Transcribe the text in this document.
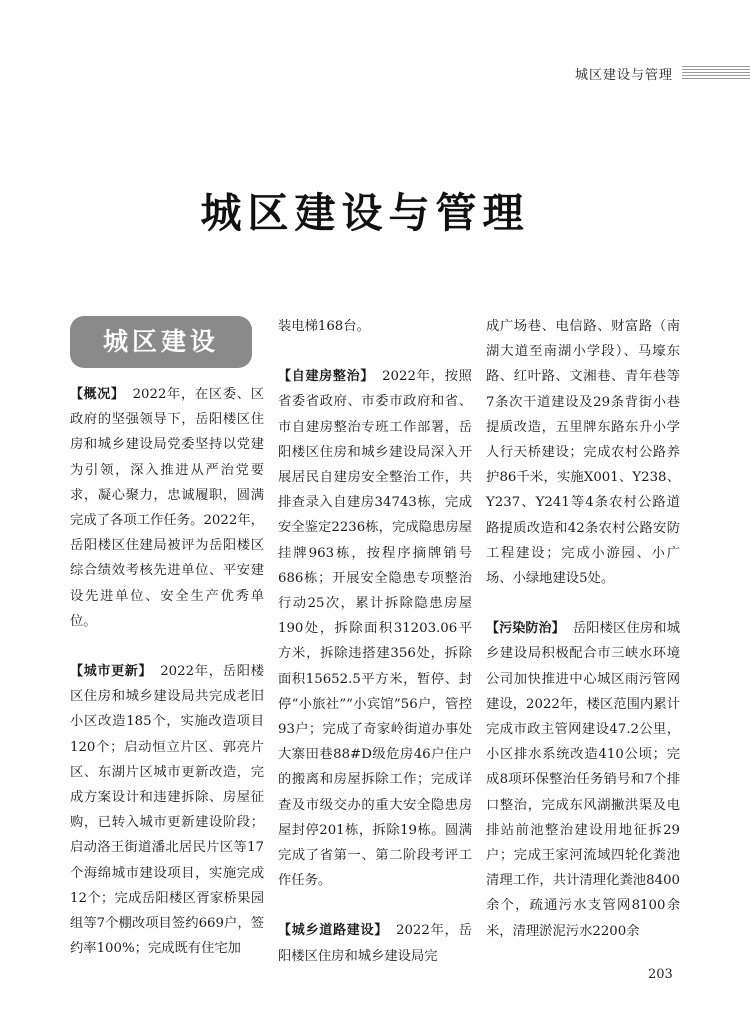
城区建设与管理
城区建设与管理
城区建设

【概况】 2022年，在区委、区政府的坚强领导下，岳阳楼区住房和城乡建设局党委坚持以党建为引领，深入推进从严治党要求，凝心聚力，忠诚履职，圆满完成了各项工作任务。2022年，岳阳楼区住建局被评为岳阳楼区综合绩效考核先进单位、平安建设先进单位、安全生产优秀单位。

【城市更新】 2022年，岳阳楼区住房和城乡建设局共完成老旧小区改造185个，实施改造项目120个；启动恒立片区、郭亮片区、东湖片区城市更新改造，完成方案设计和违建拆除、房屋征购，已转入城市更新建设阶段；启动洛王街道潘北居民片区等17个海绵城市建设项目，实施完成12个；完成岳阳楼区胥家桥果园组等7个棚改项目签约669户，签约率100%；完成既有住宅加

装电梯168台。

【自建房整治】 2022年，按照省委省政府、市委市政府和省、市自建房整治专班工作部署，岳阳楼区住房和城乡建设局深入开展居民自建房安全整治工作，共排查录入自建房34743栋，完成安全鉴定2236栋，完成隐患房屋挂牌963栋，按程序摘牌销号686栋；开展安全隐患专项整治行动25次，累计拆除隐患房屋190处，拆除面积31203.06平方米，拆除违搭建356处，拆除面积15652.5平方米，暂停、封停“小旅社”“小宾馆”56户，管控93户；完成了奇家岭街道办事处大寨田巷88#D级危房46户住户的搬离和房屋拆除工作；完成详查及市级交办的重大安全隐患房屋封停201栋，拆除19栋。圆满完成了省第一、第二阶段考评工作任务。

【城乡道路建设】 2022年，岳阳楼区住房和城乡建设局完

成广场巷、电信路、财富路（南湖大道至南湖小学段）、马壕东路、红叶路、文湘巷、青年巷等7条次干道建设及29条背街小巷提质改造，五里牌东路东升小学人行天桥建设；完成农村公路养护86千米，实施X001、Y238、Y237、Y241等4条农村公路道路提质改造和42条农村公路安防工程建设；完成小游园、小广场、小绿地建设5处。

【污染防治】 岳阳楼区住房和城乡建设局积极配合市三峡水环境公司加快推进中心城区雨污管网建设，2022年，楼区范围内累计完成市政主管网建设47.2公里，小区排水系统改造410公顷；完成8项环保整治任务销号和7个排口整治，完成东风湖撇洪渠及电排站前池整治建设用地征拆29户；完成王家河流域四轮化粪池清理工作，共计清理化粪池8400余个，疏通污水支管网8100余米，清理淤泥污水2200余

203
